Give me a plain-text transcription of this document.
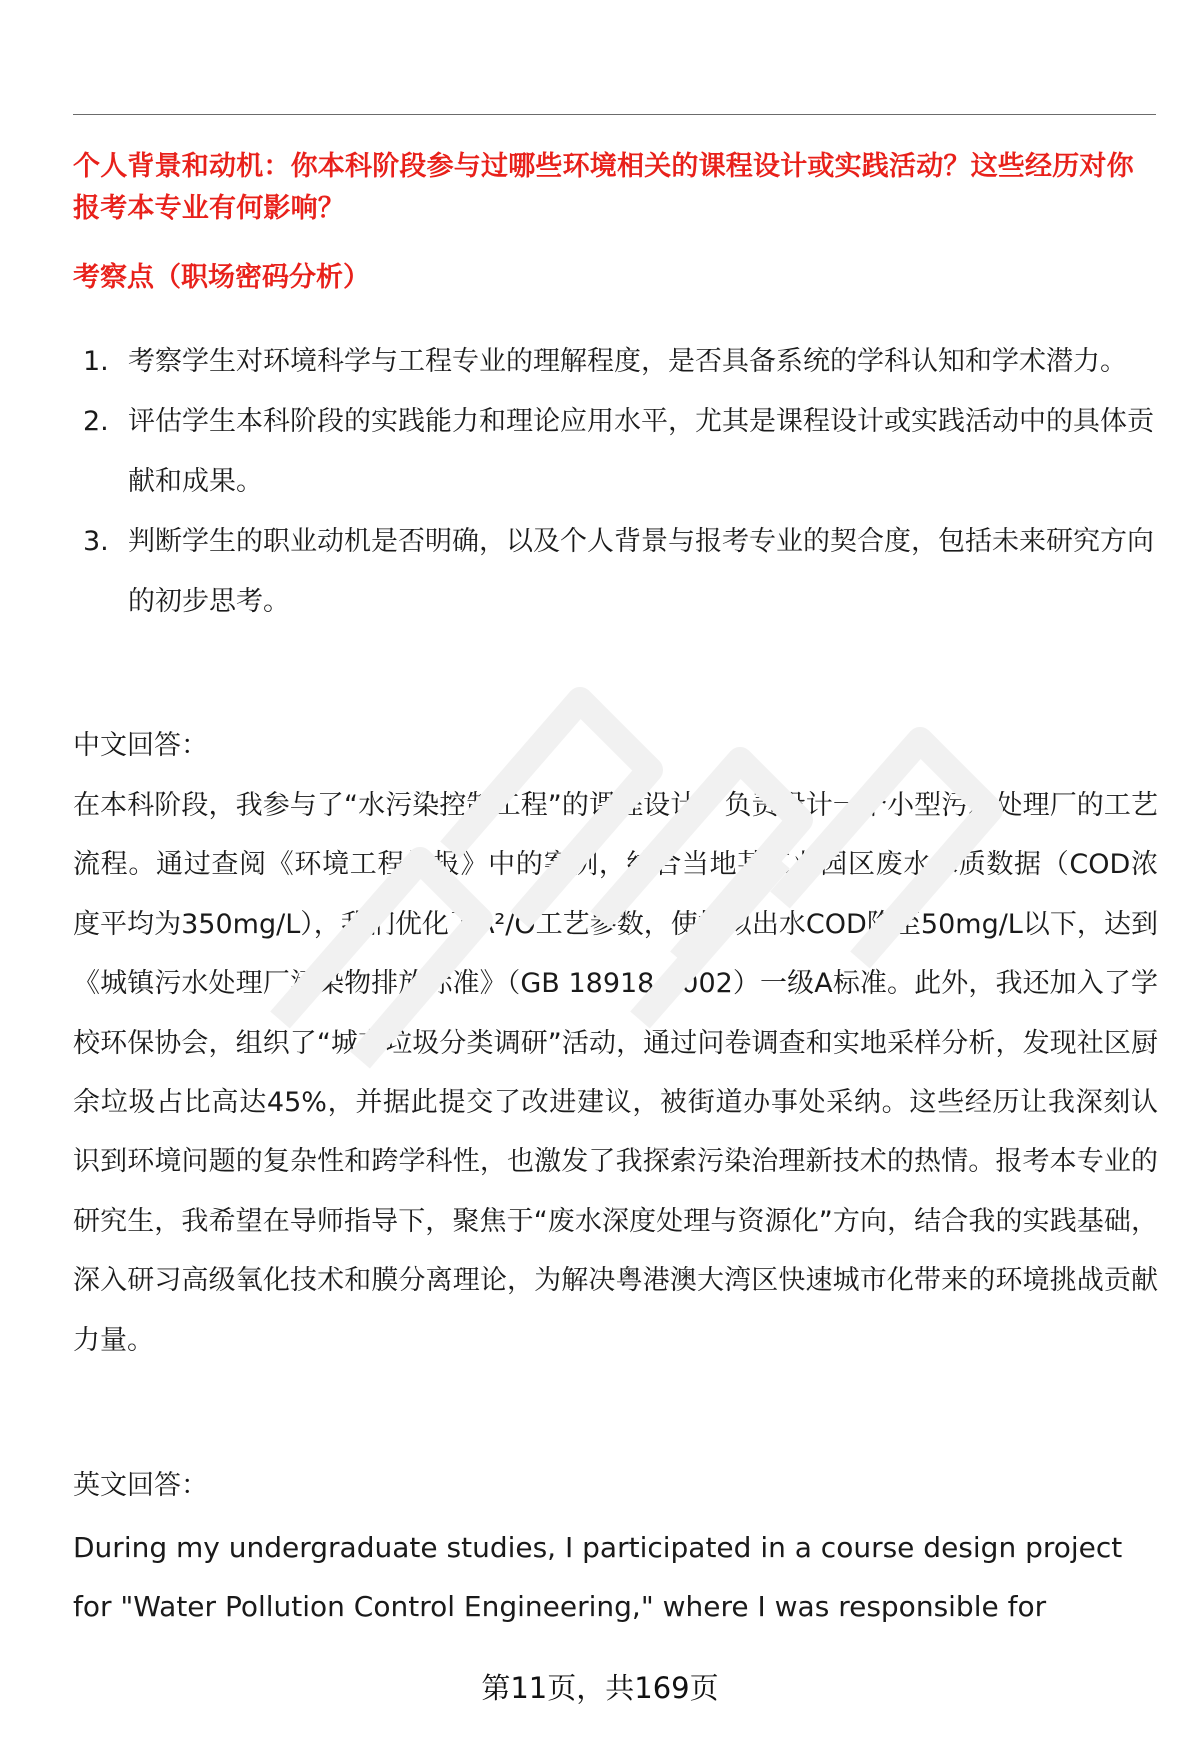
个人背景和动机：你本科阶段参与过哪些环境相关的课程设计或实践活动？这些经历对你报考本专业有何影响？

考察点（职场密码分析）

1. 考察学生对环境科学与工程专业的理解程度，是否具备系统的学科认知和学术潜力。
2. 评估学生本科阶段的实践能力和理论应用水平，尤其是课程设计或实践活动中的具体贡献和成果。
3. 判断学生的职业动机是否明确，以及个人背景与报考专业的契合度，包括未来研究方向的初步思考。

中文回答：

在本科阶段，我参与了“水污染控制工程”的课程设计，负责设计一个小型污水处理厂的工艺流程。通过查阅《环境工程学报》中的案例，结合当地某工业园区废水水质数据（COD浓度平均为350mg/L），我们优化了A²/O工艺参数，使模拟出水COD降至50mg/L以下，达到《城镇污水处理厂污染物排放标准》（GB 18918-2002）一级A标准。此外，我还加入了学校环保协会，组织了“城市垃圾分类调研”活动，通过问卷调查和实地采样分析，发现社区厨余垃圾占比高达45%，并据此提交了改进建议，被街道办事处采纳。这些经历让我深刻认识到环境问题的复杂性和跨学科性，也激发了我探索污染治理新技术的热情。报考本专业的研究生，我希望在导师指导下，聚焦于“废水深度处理与资源化”方向，结合我的实践基础，深入研习高级氧化技术和膜分离理论，为解决粤港澳大湾区快速城市化带来的环境挑战贡献力量。

英文回答：

During my undergraduate studies, I participated in a course design project for "Water Pollution Control Engineering," where I was responsible for

第11页，共169页
